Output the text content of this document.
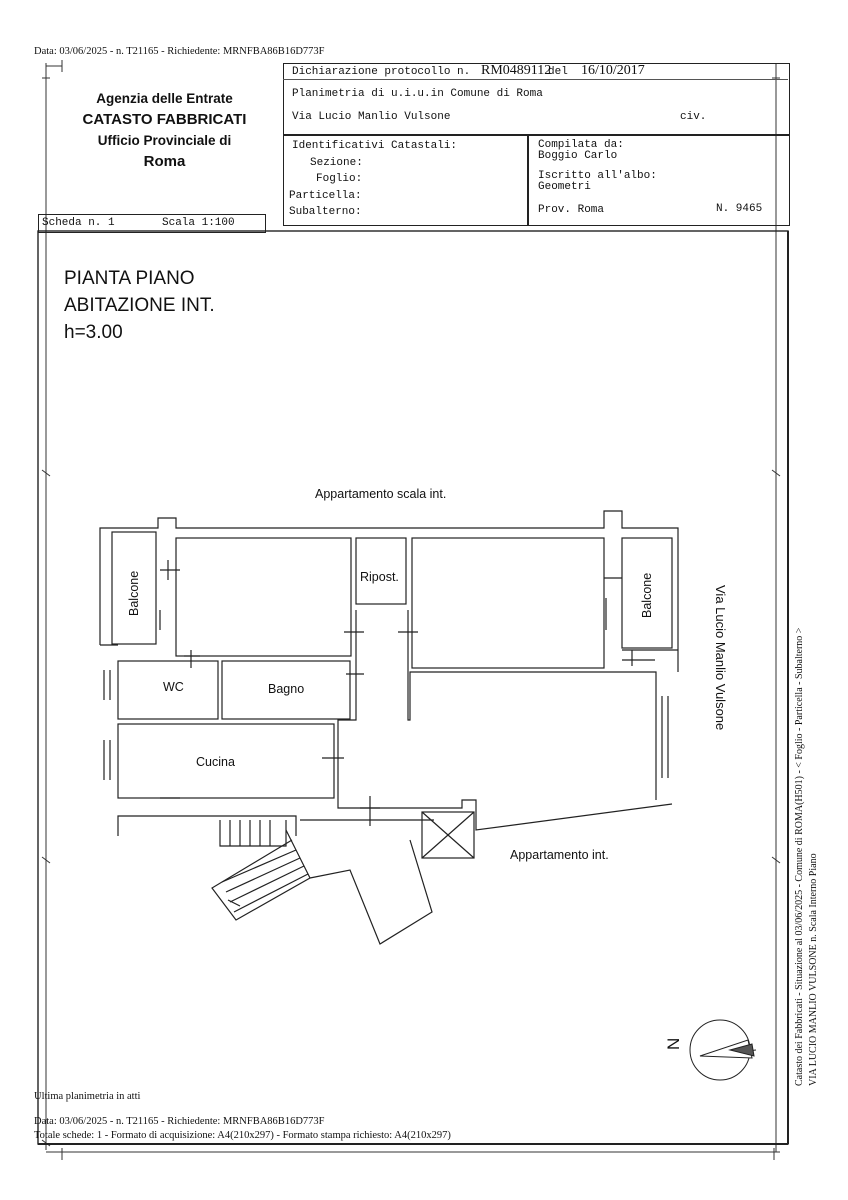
Data: 03/06/2025 - n. T21165 - Richiedente: MRNFBA86B16D773F
Agenzia delle Entrate
CATASTO FABBRICATI
Ufficio Provinciale di
Roma
Dichiarazione protocollo n. RM0489112
del 16/10/2017
Planimetria di u.i.u.in Comune di Roma
Via Lucio Manlio Vulsone	civ.
Identificativi Catastali:
Sezione:
Foglio:
Particella:
Subalterno:
Compilata da:
Boggio Carlo
Iscritto all'albo:
Geometri
Prov. Roma	N. 9465
Scheda n. 1	Scala 1:100
PIANTA PIANO
ABITAZIONE INT.
h=3.00
Appartamento scala int.
Appartamento int.
Balcone	Balcone
Ripost.
WC	Bagno
Cucina
Via Lucio Manlio Vulsone
N	Catasto dei Fabbricati - Situazione al 03/06/2025 - Comune di ROMA(H501) - < Foglio - Particella - Subalterno > VIA LUCIO MANLIO VULSONE n. Scala Interno Piano
Ultima planimetria in atti
Data: 03/06/2025 - n. T21165 - Richiedente: MRNFBA86B16D773F
Totale schede: 1 - Formato di acquisizione: A4(210x297) - Formato stampa richiesto: A4(210x297)
